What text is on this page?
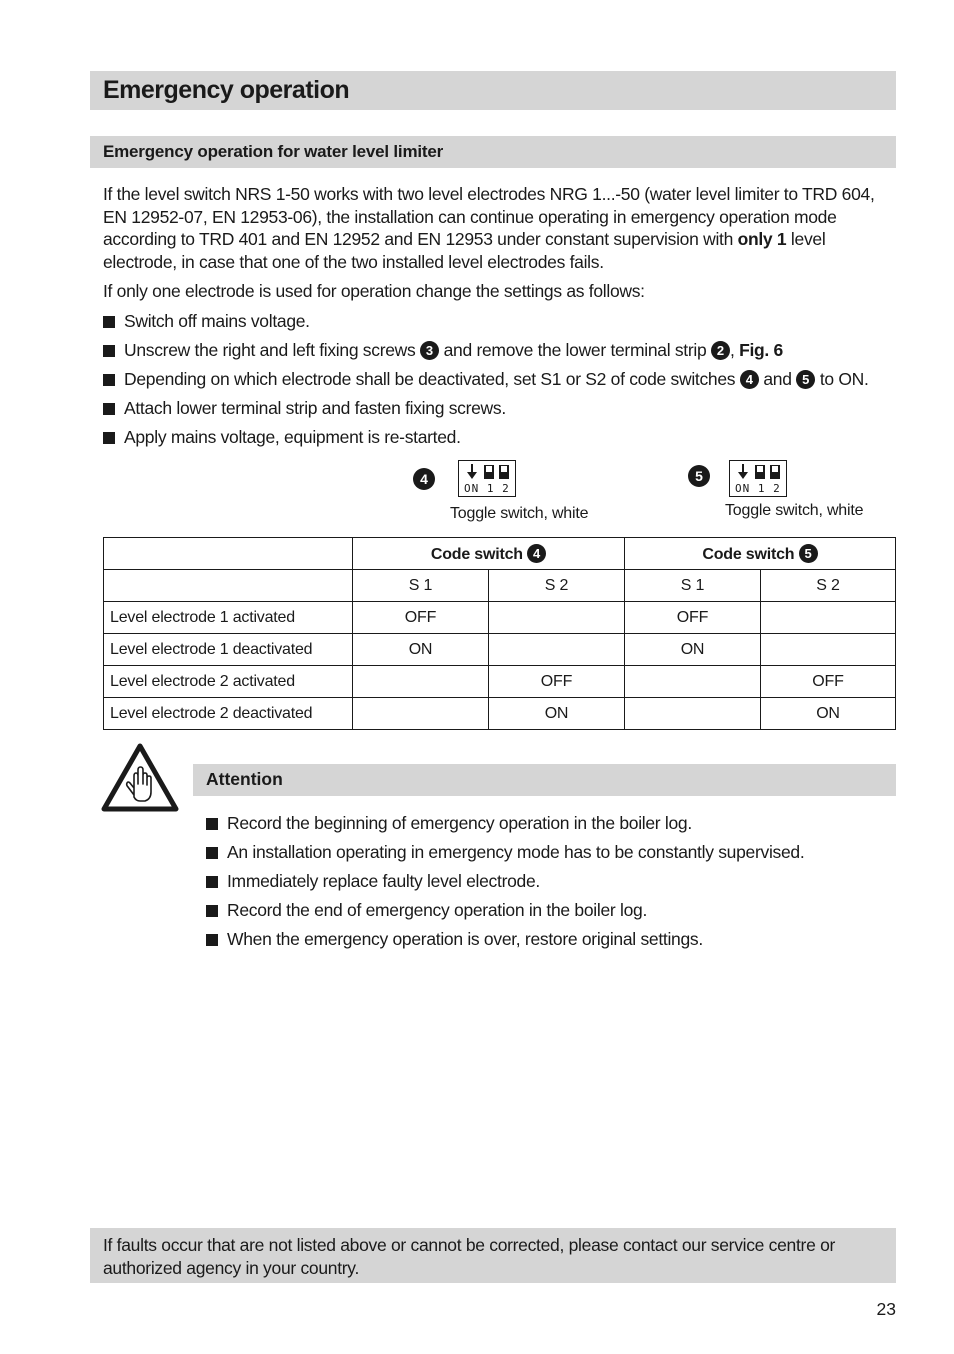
Emergency operation
Emergency operation for water level limiter
If the level switch NRS 1-50 works with two level electrodes NRG 1...-50 (water level limiter to TRD 604, EN 12952-07, EN 12953-06), the installation can continue operating in emergency operation mode according to TRD 401 and EN 12952 and EN 12953 under constant supervision with only 1 level electrode, in case that one of the two installed level electrodes fails.
If only one electrode is used for operation change the settings as follows:
Switch off mains voltage.
Unscrew the right and left fixing screws 3 and remove the lower terminal strip 2 , Fig. 6
Depending on which electrode shall be deactivated, set S1 or S2 of code switches 4 and 5 to ON.
Attach lower terminal strip and fasten fixing screws.
Apply mains voltage, equipment is re-started.
4
ON 1 2
Toggle switch, white
5
ON 1 2
Toggle switch, white
	Code switch 4		Code switch 5	
	S 1	S 2	S 1	S 2
Level electrode 1 activated	OFF		OFF	
Level electrode 1 deactivated	ON		ON	
Level electrode 2 activated		OFF		OFF
Level electrode 2 deactivated		ON		ON
Attention
Record the beginning of emergency operation in the boiler log.
An installation operating in emergency mode has to be constantly supervised.
Immediately replace faulty level electrode.
Record the end of emergency operation in the boiler log.
When the emergency operation is over, restore original settings.
If faults occur that are not listed above or cannot be corrected, please contact our service centre or authorized agency in your country.
23
